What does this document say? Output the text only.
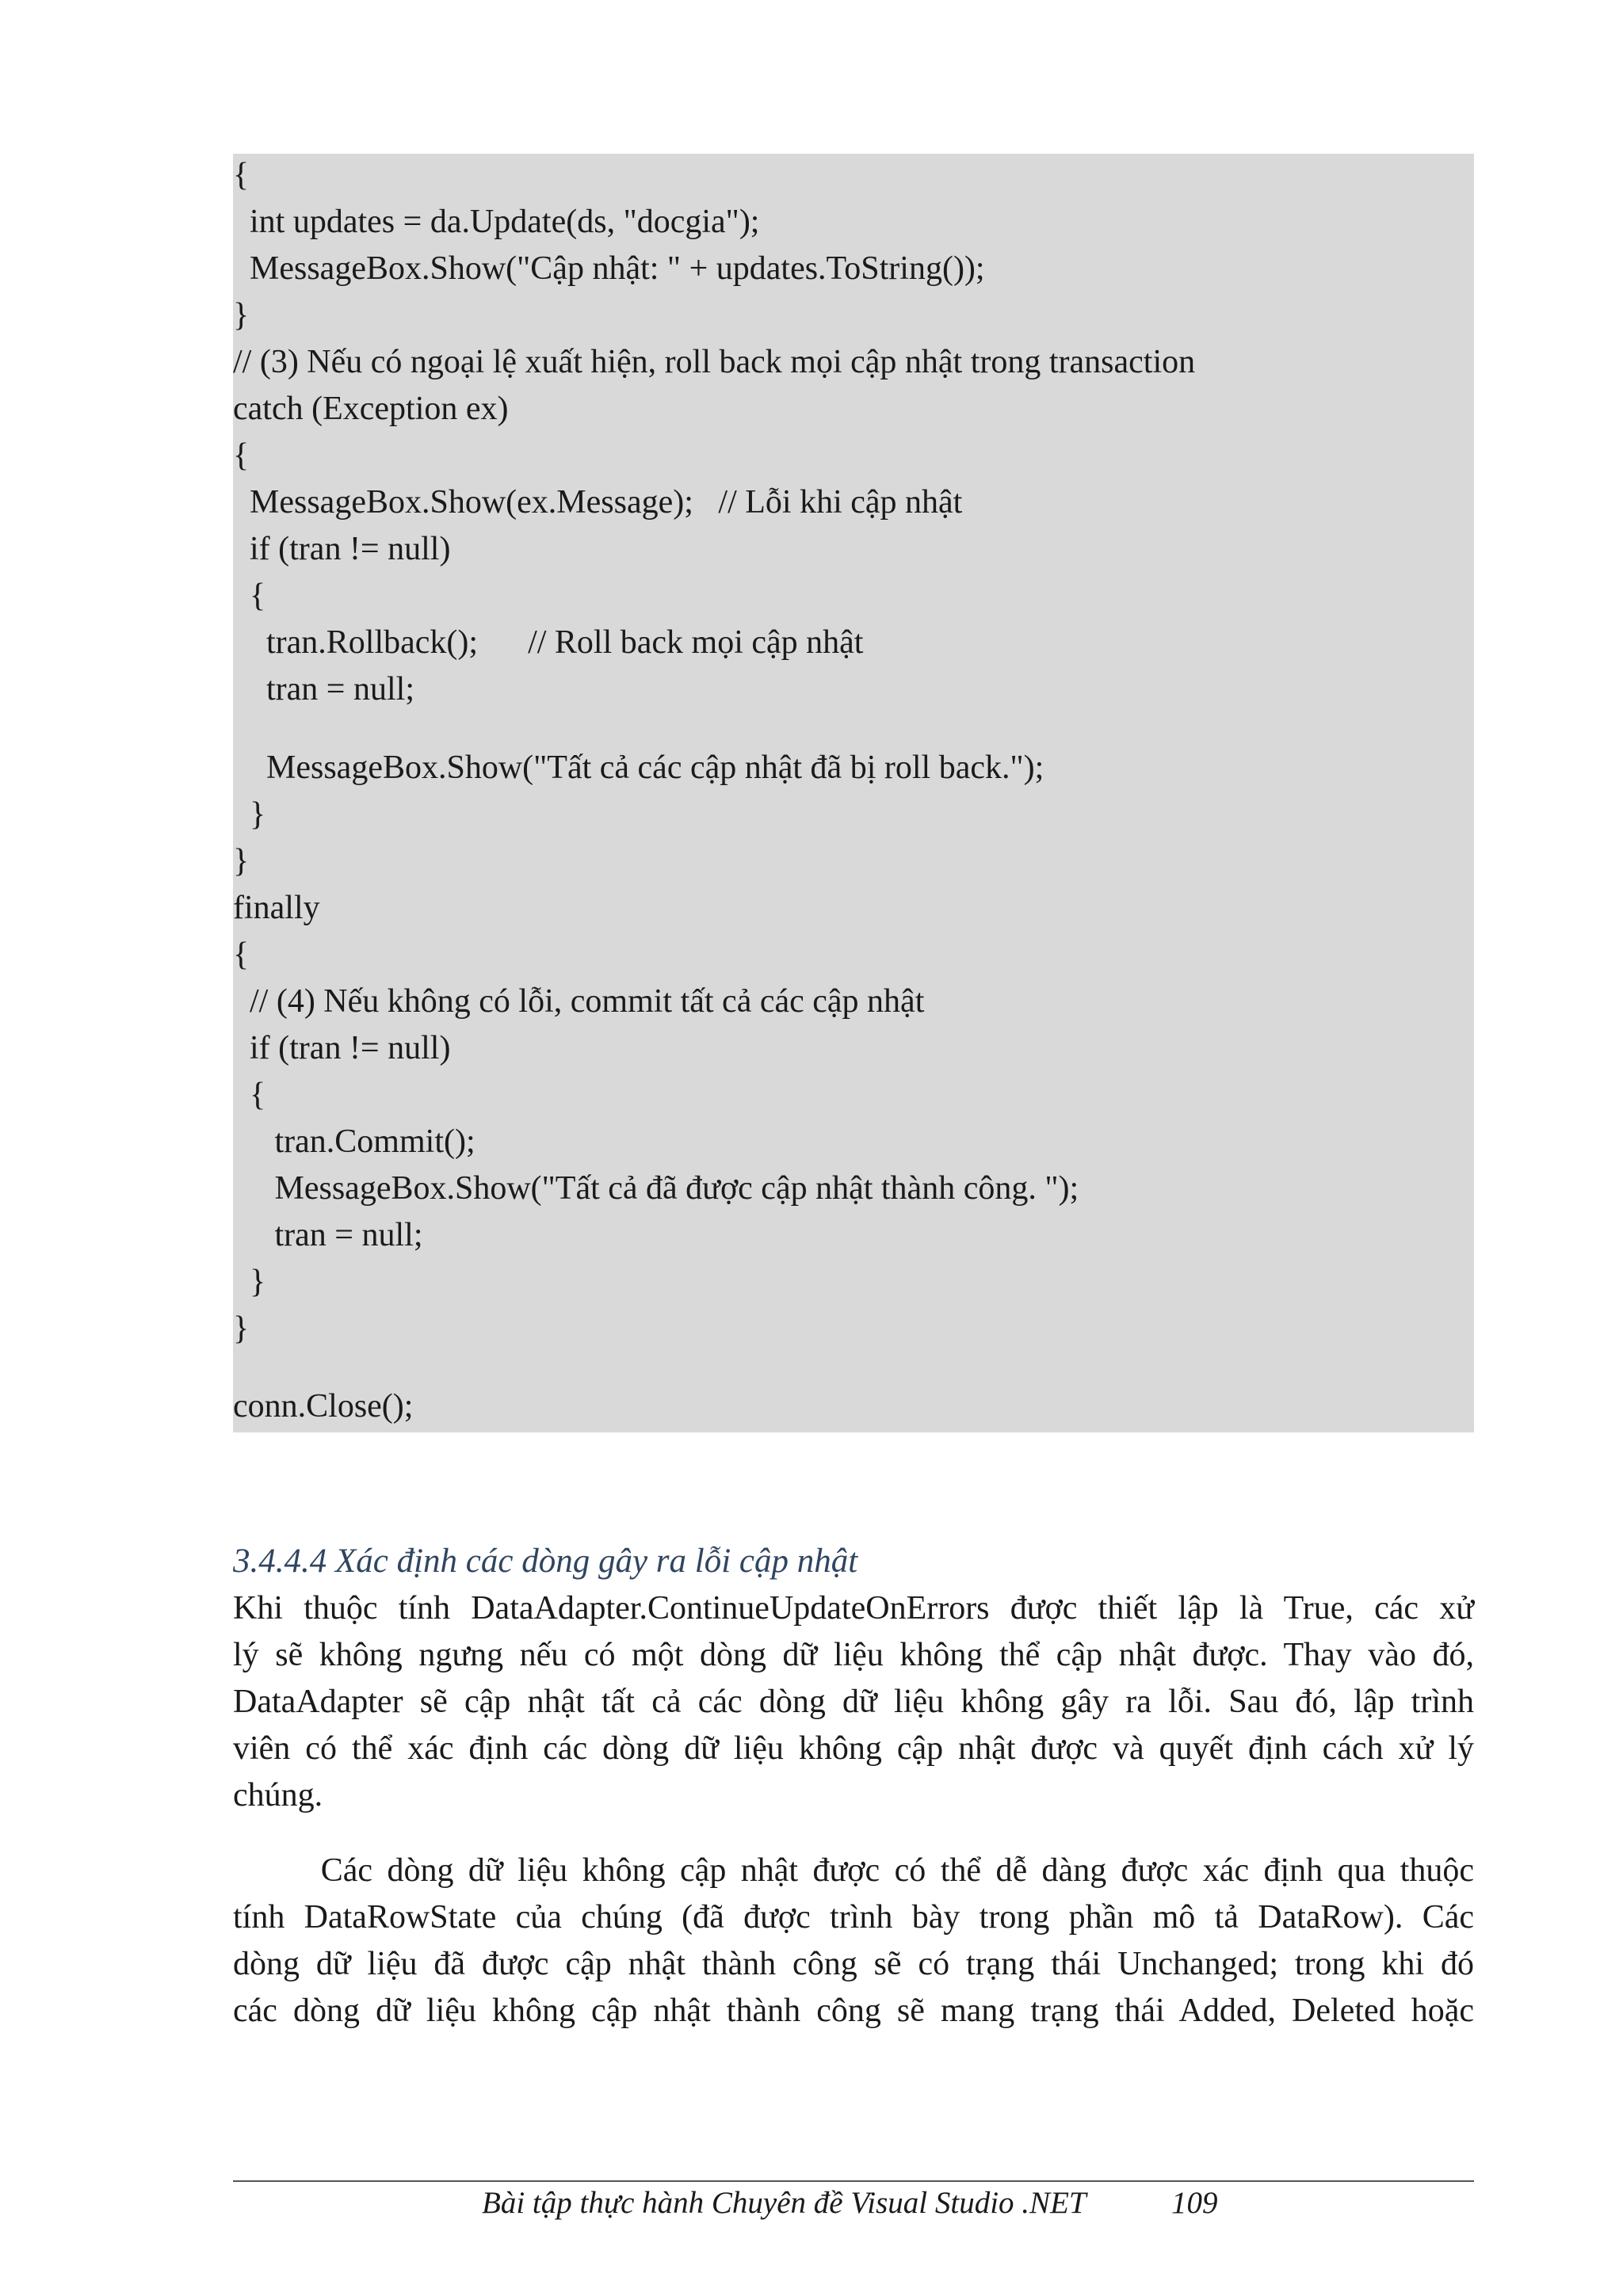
{
int updates = da.Update(ds, "docgia");
MessageBox.Show("Cập nhật: " + updates.ToString());
}
// (3) Nếu có ngoại lệ xuất hiện, roll back mọi cập nhật trong transaction
catch (Exception ex)
{
MessageBox.Show(ex.Message);   // Lỗi khi cập nhật
if (tran != null)
{
tran.Rollback();      // Roll back mọi cập nhật
tran = null;
MessageBox.Show("Tất cả các cập nhật đã bị roll back.");
}
}
finally
{
// (4) Nếu không có lỗi, commit tất cả các cập nhật
if (tran != null)
{
tran.Commit();
MessageBox.Show("Tất cả đã được cập nhật thành công. ");
tran = null;
}
}
conn.Close();
3.4.4.4 Xác định các dòng gây ra lỗi cập nhật
Khi thuộc tính DataAdapter.ContinueUpdateOnErrors được thiết lập là True, các xử
lý sẽ không ngưng nếu có một dòng dữ liệu không thể cập nhật được. Thay vào đó,
DataAdapter sẽ cập nhật tất cả các dòng dữ liệu không gây ra lỗi. Sau đó, lập trình
viên có thể xác định các dòng dữ liệu không cập nhật được và quyết định cách xử lý
chúng.
Các dòng dữ liệu không cập nhật được có thể dễ dàng được xác định qua thuộc
tính DataRowState của chúng (đã được trình bày trong phần mô tả DataRow). Các
dòng dữ liệu đã được cập nhật thành công sẽ có trạng thái Unchanged; trong khi đó
các dòng dữ liệu không cập nhật thành công sẽ mang trạng thái Added, Deleted hoặc
Bài tập thực hành Chuyên đề Visual Studio .NET	109
